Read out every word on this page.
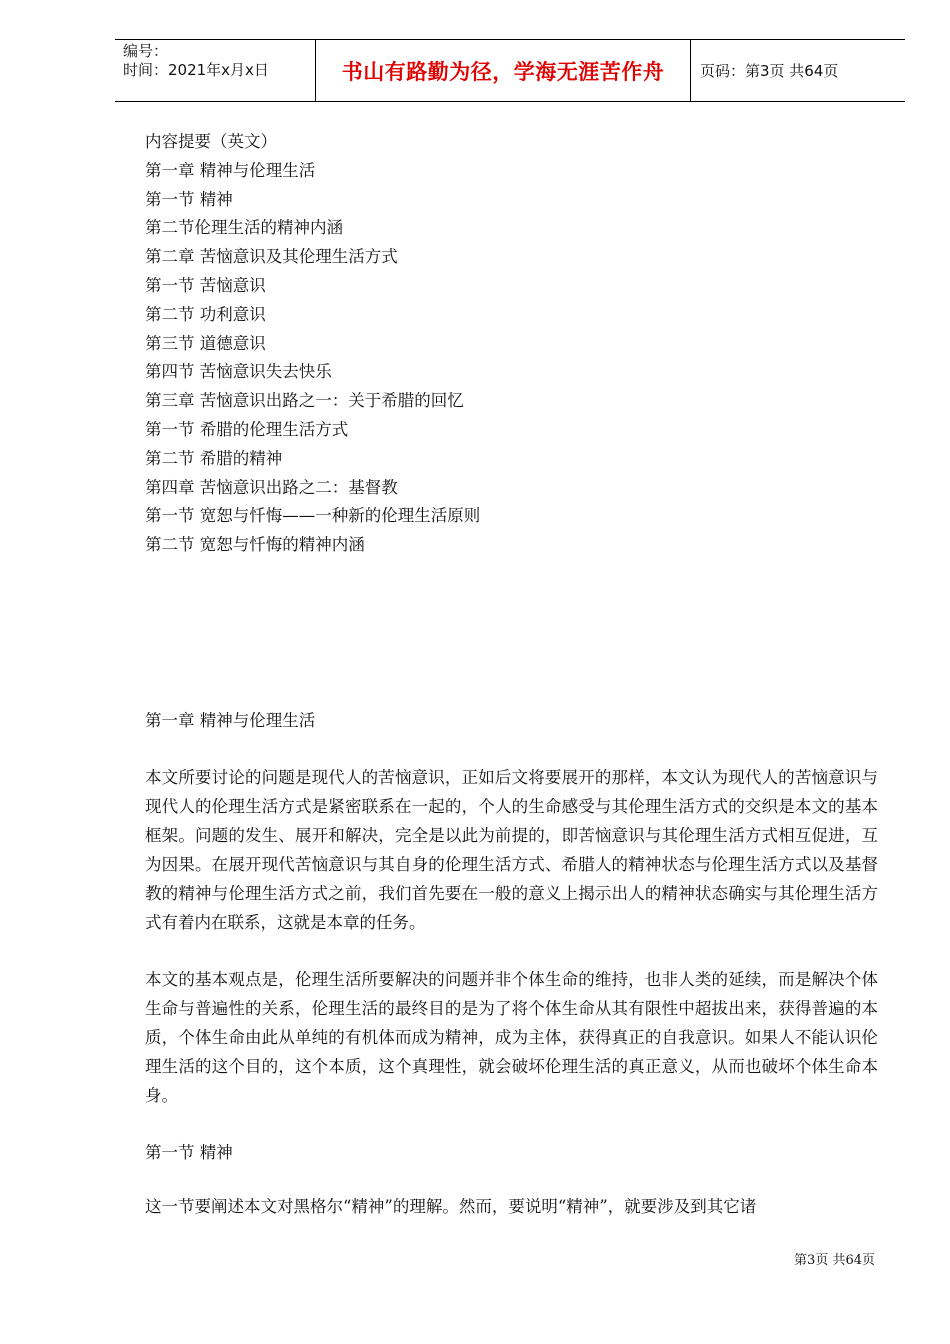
编号：
时间：2021年x月x日	书山有路勤为径，学海无涯苦作舟	页码：第3页 共64页
内容提要（英文）
第一章 精神与伦理生活
第一节 精神
第二节伦理生活的精神内涵
第二章 苦恼意识及其伦理生活方式
第一节 苦恼意识
第二节 功利意识
第三节 道德意识
第四节 苦恼意识失去快乐
第三章 苦恼意识出路之一：关于希腊的回忆
第一节 希腊的伦理生活方式
第二节 希腊的精神
第四章 苦恼意识出路之二：基督教
第一节 宽恕与忏悔——一种新的伦理生活原则
第二节 宽恕与忏悔的精神内涵
第一章 精神与伦理生活

本文所要讨论的问题是现代人的苦恼意识，正如后文将要展开的那样，本文认为现代人的苦恼意识与现代人的伦理生活方式是紧密联系在一起的，个人的生命感受与其伦理生活方式的交织是本文的基本框架。问题的发生、展开和解决，完全是以此为前提的，即苦恼意识与其伦理生活方式相互促进，互为因果。在展开现代苦恼意识与其自身的伦理生活方式、希腊人的精神状态与伦理生活方式以及基督教的精神与伦理生活方式之前，我们首先要在一般的意义上揭示出人的精神状态确实与其伦理生活方式有着内在联系，这就是本章的任务。

本文的基本观点是，伦理生活所要解决的问题并非个体生命的维持，也非人类的延续，而是解决个体生命与普遍性的关系，伦理生活的最终目的是为了将个体生命从其有限性中超拔出来，获得普遍的本质，个体生命由此从单纯的有机体而成为精神，成为主体，获得真正的自我意识。如果人不能认识伦理生活的这个目的，这个本质，这个真理性，就会破坏伦理生活的真正意义，从而也破坏个体生命本身。

第一节 精神

这一节要阐述本文对黑格尔“精神”的理解。然而，要说明“精神”，就要涉及到其它诸

第3页 共64页
